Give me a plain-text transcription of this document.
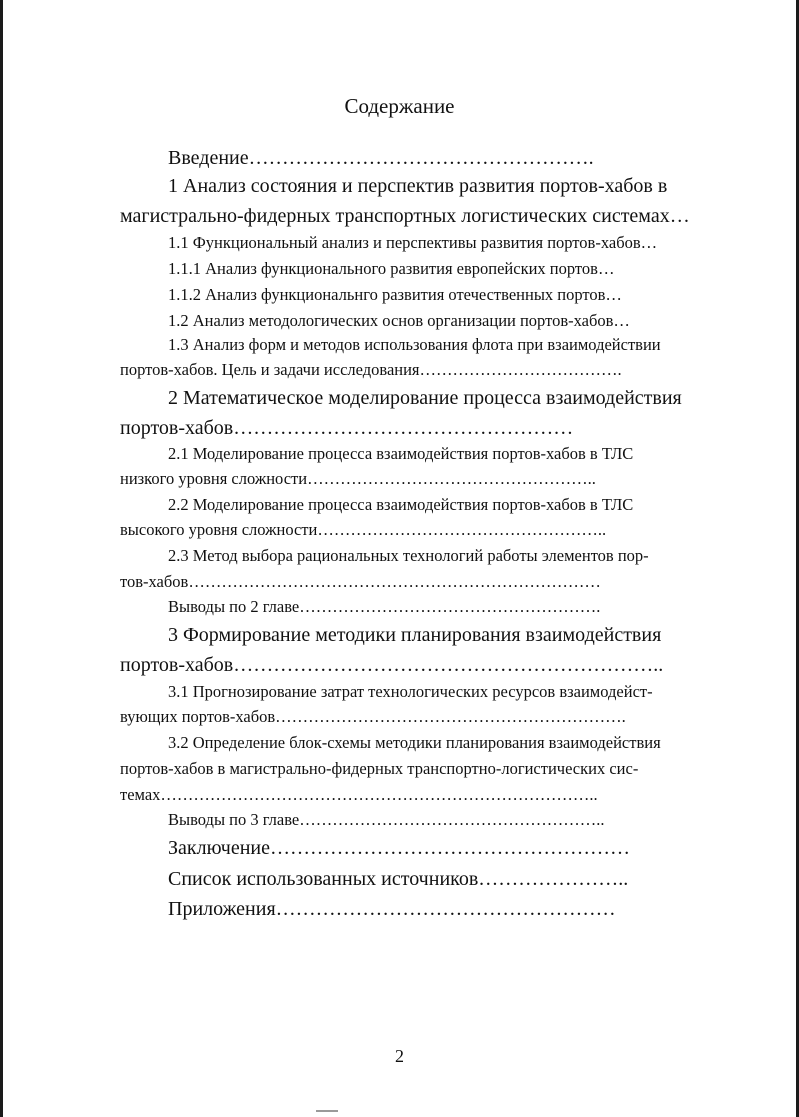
Содержание

Введение…………………………………………….

1 Анализ состояния и перспектив развития портов-хабов в

магистрально-фидерных транспортных логистических системах…

1.1 Функциональный анализ и перспективы развития портов-хабов…

1.1.1 Анализ функционального развития европейских портов…

1.1.2 Анализ функциональнго развития отечественных портов…

1.2 Анализ методологических основ организации портов-хабов…

1.3 Анализ форм и методов использования флота при взаимодействии

портов-хабов. Цель и задачи исследования……………………………….

2 Математическое моделирование процесса взаимодействия

портов-хабов……………………………………………

2.1 Моделирование процесса взаимодействия портов-хабов в ТЛС

низкого уровня сложности……………………………………………..

2.2 Моделирование процесса взаимодействия портов-хабов в ТЛС

высокого уровня сложности……………………………………………..

2.3 Метод выбора рациональных технологий работы элементов пор-

тов-хабов…………………………………………………………………

Выводы по 2 главе……………………………………………….

3 Формирование методики планирования взаимодействия

портов-хабов………………………………………………………..

3.1 Прогнозирование затрат технологических ресурсов взаимодейст-

вующих портов-хабов……………………………………………………….

3.2 Определение блок-схемы методики планирования взаимодействия

портов-хабов в магистрально-фидерных транспортно-логистических сис-

темах……………………………………………………………………..

Выводы по 3 главе………………………………………………..

Заключение………………………………………………

Список использованных источников…………………..

Приложения……………………………………………

2
